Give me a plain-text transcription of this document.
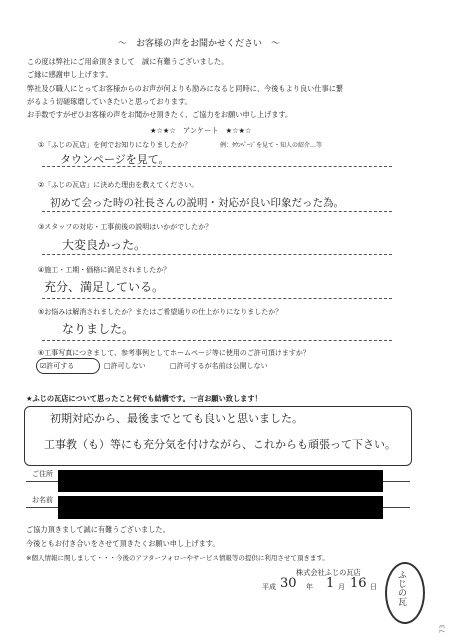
〜　お客様の声をお聞かせください　〜
この度は弊社にご用命頂きまして　誠に有難うございました。
ご縁に感謝申し上げます。
弊社及び職人にとってお客様からのお声が何よりも励みになると同時に、今後もより良い仕事に繋
がるよう切磋琢磨していきたいと思っております。
お手数ですがぜひお客様の声をお聞かせ頂きたく、ご協力をお願い申し上げます。
★☆★☆　アンケート　★☆★☆
①「ふじの瓦店」を何でお知りになりましたか？	例：ﾀｳﾝﾍﾟｰｼﾞを見て・知人の紹介…等
タウンページを見て。
②「ふじの瓦店」に決めた理由を教えてください。
初めて会った時の社長さんの説明・対応が良い印象だった為。
③スタッフの対応・工事前後の説明はいかがでしたか？
大変良かった。
④施工・工期・価格に満足されましたか？
充分、満足している。
⑤お悩みは解消されましたか？またはご希望通りの仕上がりになりましたか？
なりました。
⑥工事写真につきまして、参考事例としてホームページ等に使用のご許可頂けますか？
☑許可する	□許可しない	□許可するが名前は公開しない
★ふじの瓦店について思ったこと何でも結構です。一言お願い致します！
初期対応から、最後までとても良いと思いました。
工事教（も）等にも充分気を付けながら、これからも頑張って下さい。
ご住所
お名前
ご協力頂きまして誠に有難うございました。
今後ともお付き合いをさせて頂きたくお願い申し上げます。
※個人情報に関しまして・・・今後のアフターフォローやサービス情報等の提供に利用させて頂きます。
株式会社ふじの瓦店
平成 30 年 1 月 16 日 ふじの瓦
73
